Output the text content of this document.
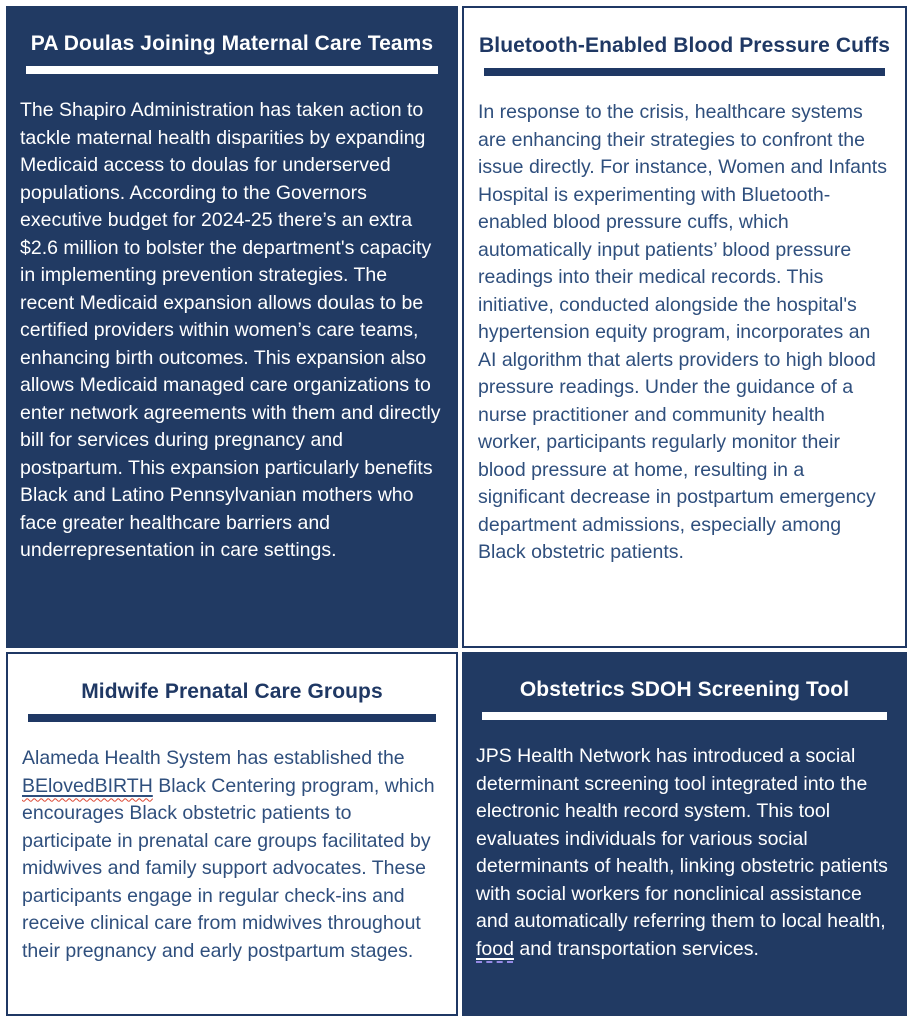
PA Doulas Joining Maternal Care Teams
The Shapiro Administration has taken action to tackle maternal health disparities by expanding Medicaid access to doulas for underserved populations. According to the Governors executive budget for 2024-25 there’s an extra $2.6 million to bolster the department's capacity in implementing prevention strategies. The recent Medicaid expansion allows doulas to be certified providers within women’s care teams, enhancing birth outcomes. This expansion also allows Medicaid managed care organizations to enter network agreements with them and directly bill for services during pregnancy and postpartum. This expansion particularly benefits Black and Latino Pennsylvanian mothers who face greater healthcare barriers and underrepresentation in care settings.
Bluetooth-Enabled Blood Pressure Cuffs
In response to the crisis, healthcare systems are enhancing their strategies to confront the issue directly. For instance, Women and Infants Hospital is experimenting with Bluetooth-enabled blood pressure cuffs, which automatically input patients’ blood pressure readings into their medical records. This initiative, conducted alongside the hospital's hypertension equity program, incorporates an AI algorithm that alerts providers to high blood pressure readings. Under the guidance of a nurse practitioner and community health worker, participants regularly monitor their blood pressure at home, resulting in a significant decrease in postpartum emergency department admissions, especially among Black obstetric patients.
Midwife Prenatal Care Groups
Alameda Health System has established the BElovedBIRTH Black Centering program, which encourages Black obstetric patients to participate in prenatal care groups facilitated by midwives and family support advocates. These participants engage in regular check-ins and receive clinical care from midwives throughout their pregnancy and early postpartum stages.
Obstetrics SDOH Screening Tool
JPS Health Network has introduced a social determinant screening tool integrated into the electronic health record system. This tool evaluates individuals for various social determinants of health, linking obstetric patients with social workers for nonclinical assistance and automatically referring them to local health, food and transportation services.
